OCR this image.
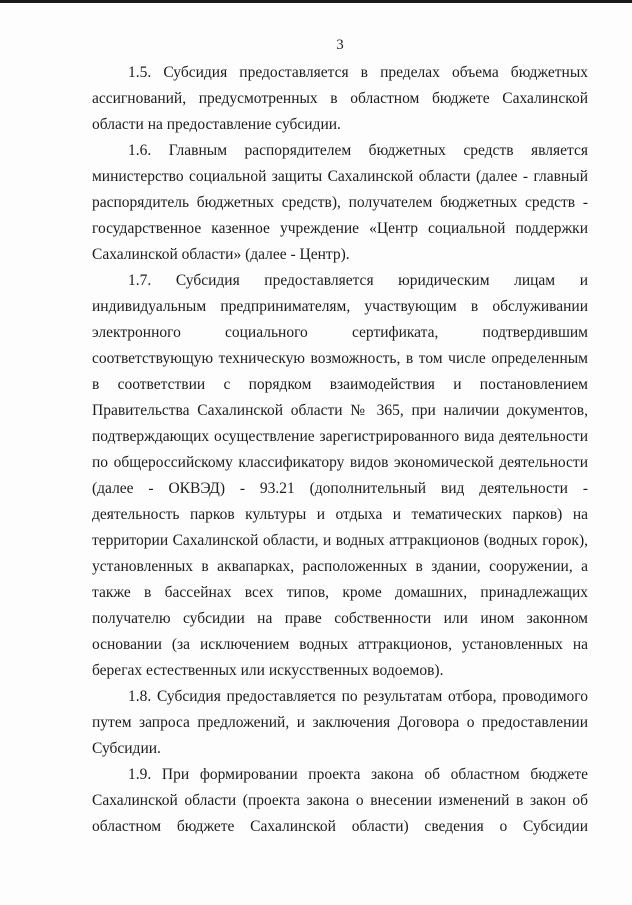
3

1.5. Субсидия предоставляется в пределах объема бюджетных ассигнований, предусмотренных в областном бюджете Сахалинской области на предоставление субсидии.

1.6. Главным распорядителем бюджетных средств является министерство социальной защиты Сахалинской области (далее - главный распорядитель бюджетных средств), получателем бюджетных средств - государственное казенное учреждение «Центр социальной поддержки Сахалинской области» (далее - Центр).

1.7. Субсидия предоставляется юридическим лицам и индивидуальным предпринимателям, участвующим в обслуживании электронного социального сертификата, подтвердившим соответствующую техническую возможность, в том числе определенным в соответствии с порядком взаимодействия и постановлением Правительства Сахалинской области № 365, при наличии документов, подтверждающих осуществление зарегистрированного вида деятельности по общероссийскому классификатору видов экономической деятельности (далее - ОКВЭД) - 93.21 (дополнительный вид деятельности - деятельность парков культуры и отдыха и тематических парков) на территории Сахалинской области, и водных аттракционов (водных горок), установленных в аквапарках, расположенных в здании, сооружении, а также в бассейнах всех типов, кроме домашних, принадлежащих получателю субсидии на праве собственности или ином законном основании (за исключением водных аттракционов, установленных на берегах естественных или искусственных водоемов).

1.8. Субсидия предоставляется по результатам отбора, проводимого путем запроса предложений, и заключения Договора о предоставлении Субсидии.

1.9. При формировании проекта закона об областном бюджете Сахалинской области (проекта закона о внесении изменений в закон об областном бюджете Сахалинской области) сведения о Субсидии
